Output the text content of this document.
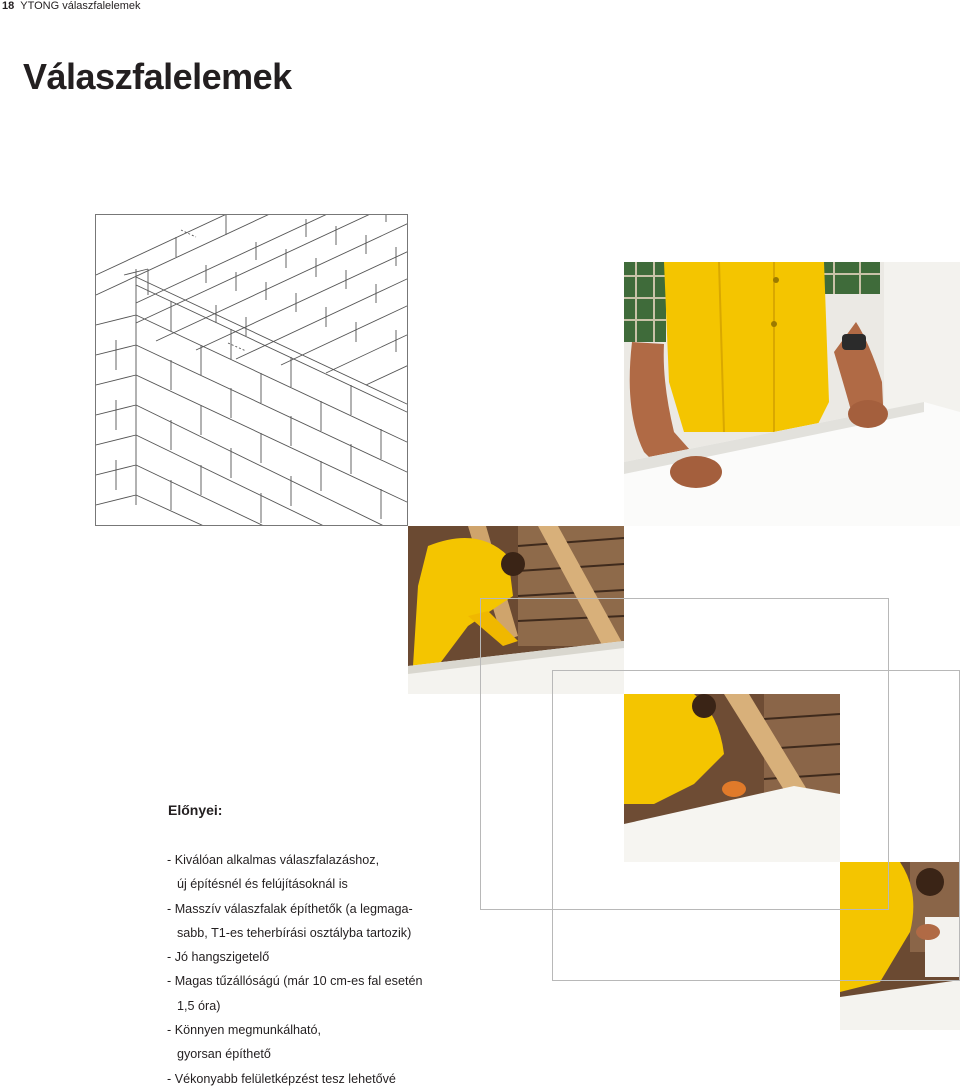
18 YTONG válaszfalelemek
Válaszfalelemek
Előnyei:
- Kiválóan alkalmas válaszfalazáshoz,
új építésnél és felújításoknál is
- Masszív válaszfalak építhetők (a legmaga-
sabb, T1-es teherbírási osztályba tartozik)
- Jó hangszigetelő
- Magas tűzállóságú (már 10 cm-es fal esetén
1,5 óra)
- Könnyen megmunkálható,
gyorsan építhető
- Vékonyabb felületképzést tesz lehetővé
